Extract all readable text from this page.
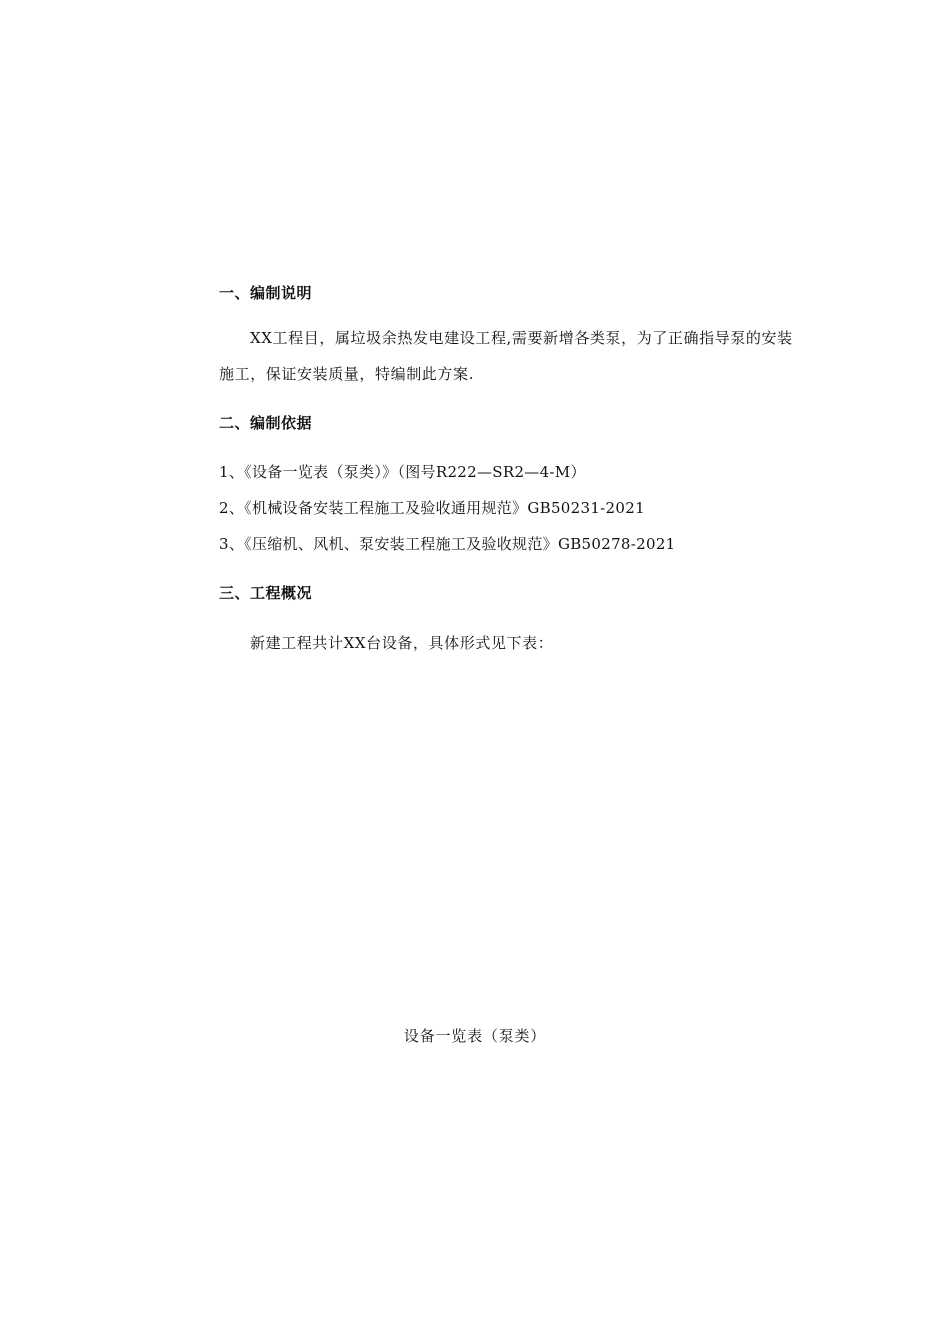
一、编制说明
XX工程目，属垃圾余热发电建设工程,需要新增各类泵，为了正确指导泵的安装
施工，保证安装质量，特编制此方案.
二、编制依据
1、《设备一览表（泵类）》（图号R222—SR2—4-M）
2、《机械设备安装工程施工及验收通用规范》GB50231-2021
3、《压缩机、风机、泵安装工程施工及验收规范》GB50278-2021
三、工程概况
新建工程共计XX台设备，具体形式见下表：
设备一览表（泵类）
